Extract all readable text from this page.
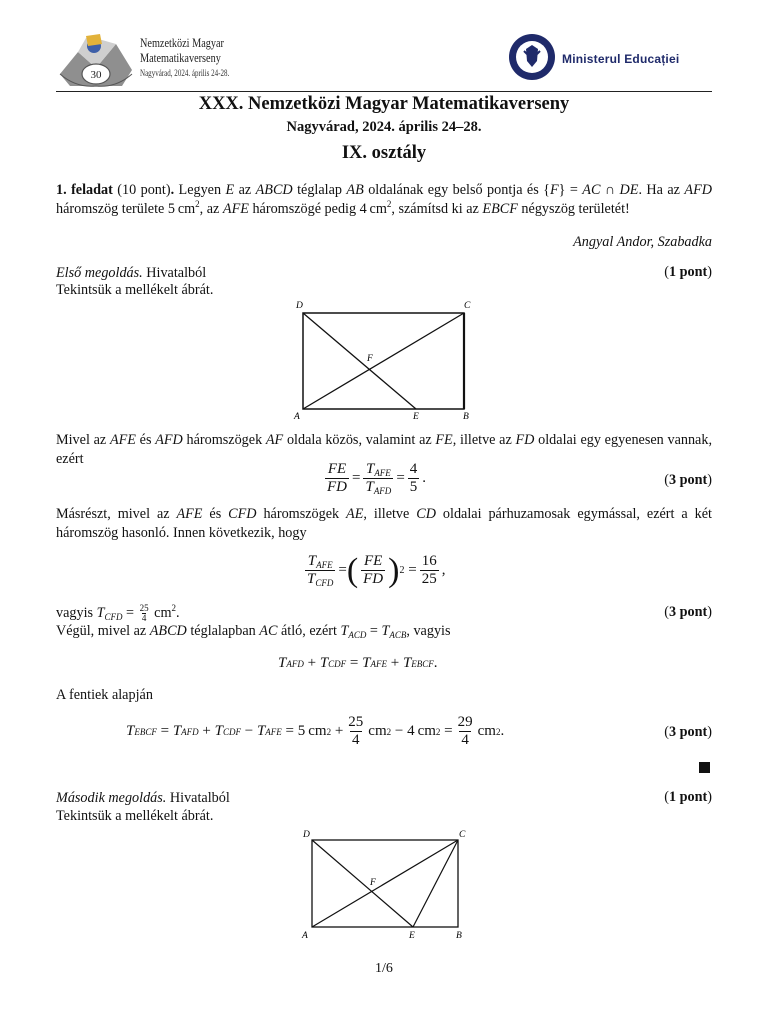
30
Nemzetközi Magyar
Matematikaverseny
Nagyvárad, 2024. április 24-28.
Ministerul Educației
XXX. Nemzetközi Magyar Matematikaverseny
Nagyvárad, 2024. április 24–28.
IX. osztály
1. feladat (10 pont). Legyen E az ABCD téglalap AB oldalának egy belső pontja és {F} = AC ∩ DE. Ha az AFD háromszög területe 5 $cm^2$, az AFE háromszögé pedig 4 $cm^2$, számítsd ki az EBCF négyszög területét!
Angyal Andor, Szabadka
Első megoldás. Hivatalból	(1 pont)
Tekintsük a mellékelt ábrát.
D	C
A	E	B
F
Mivel az AFE és AFD háromszögek AF oldala közös, valamint az FE, illetve az FD oldalai egy egyenesen vannak, ezért
$\frac{FE}{FD} = \frac{T_{AFE}}{T_{AFD}} = \frac{4}{5}$ .	(3 pont)
Másrészt, mivel az AFE és CFD háromszögek AE, illetve CD oldalai párhuzamosak egymással, ezért a két háromszög hasonló. Innen következik, hogy
$\frac{T_{AFE}}{T_{CFD}}$ = ( $\frac{FE}{FD}$ ) $2 = \frac{16}{25}$ ,
vagyis $T_{CFD} = \frac{25}{4} cm^2$.	(3 pont)
Végül, mivel az ABCD téglalapban AC átló, ezért $T_{ACD} = T_{ACB}$, vagyis
T AFD + T CDF = T AFE + T EBCF .
A fentiek alapján
T EBCF = T AFD + T CDF − T AFE = 5 cm $2 + \frac{25}{4}$ cm 2 − 4 cm $2 = \frac{29}{4}$ cm 2 .	(3 pont)
Második megoldás. Hivatalból	(1 pont)
Tekintsük a mellékelt ábrát.
D	C
A	E	B
F
1/6
